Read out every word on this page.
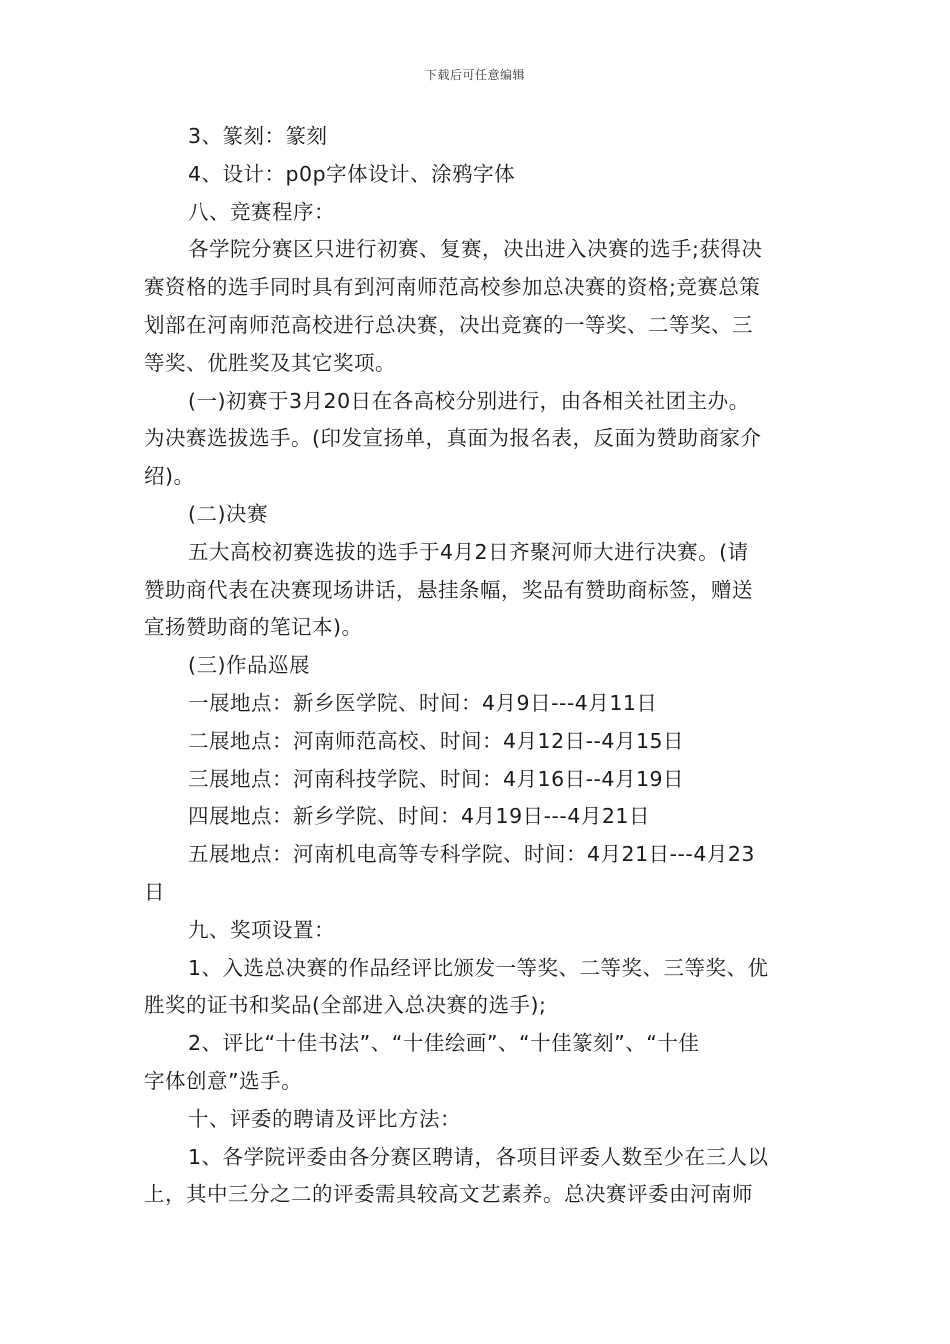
下载后可任意编辑
3、篆刻：篆刻
4、设计：p0p字体设计、涂鸦字体
八、竞赛程序：
各学院分赛区只进行初赛、复赛，决出进入决赛的选手;获得决
赛资格的选手同时具有到河南师范高校参加总决赛的资格;竞赛总策
划部在河南师范高校进行总决赛，决出竞赛的一等奖、二等奖、三
等奖、优胜奖及其它奖项。
(一)初赛于3月20日在各高校分别进行，由各相关社团主办。
为决赛选拔选手。(印发宣扬单，真面为报名表，反面为赞助商家介
绍)。
(二)决赛
五大高校初赛选拔的选手于4月2日齐聚河师大进行决赛。(请
赞助商代表在决赛现场讲话，悬挂条幅，奖品有赞助商标签，赠送
宣扬赞助商的笔记本)。
(三)作品巡展
一展地点：新乡医学院、时间：4月9日---4月11日
二展地点：河南师范高校、时间：4月12日--4月15日
三展地点：河南科技学院、时间：4月16日--4月19日
四展地点：新乡学院、时间：4月19日---4月21日
五展地点：河南机电高等专科学院、时间：4月21日---4月23
日
九、奖项设置：
1、入选总决赛的作品经评比颁发一等奖、二等奖、三等奖、优
胜奖的证书和奖品(全部进入总决赛的选手);
2、评比“十佳书法”、“十佳绘画”、“十佳篆刻”、“十佳
字体创意”选手。
十、评委的聘请及评比方法：
1、各学院评委由各分赛区聘请，各项目评委人数至少在三人以
上，其中三分之二的评委需具较高文艺素养。总决赛评委由河南师
